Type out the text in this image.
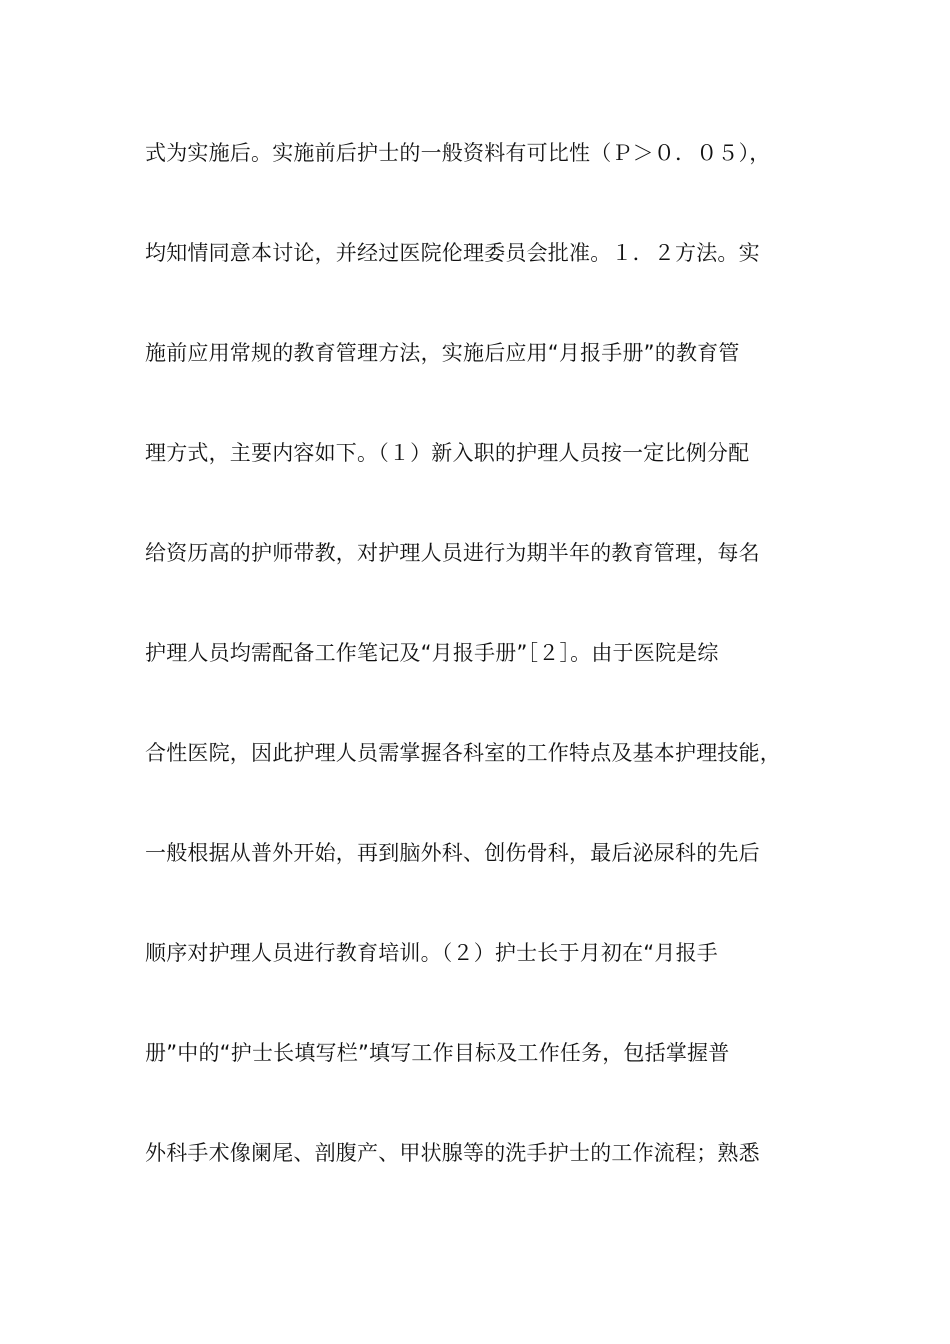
式为实施后。实施前后护士的一般资料有可比性（Ｐ＞０．０５），
均知情同意本讨论，并经过医院伦理委员会批准。１．２方法。实
施前应用常规的教育管理方法，实施后应用“月报手册”的教育管
理方式，主要内容如下。（１）新入职的护理人员按一定比例分配
给资历高的护师带教，对护理人员进行为期半年的教育管理，每名
护理人员均需配备工作笔记及“月报手册”［２］。由于医院是综
合性医院，因此护理人员需掌握各科室的工作特点及基本护理技能，
一般根据从普外开始，再到脑外科、创伤骨科，最后泌尿科的先后
顺序对护理人员进行教育培训。（２）护士长于月初在“月报手
册”中的“护士长填写栏”填写工作目标及工作任务，包括掌握普
外科手术像阑尾、剖腹产、甲状腺等的洗手护士的工作流程；熟悉
